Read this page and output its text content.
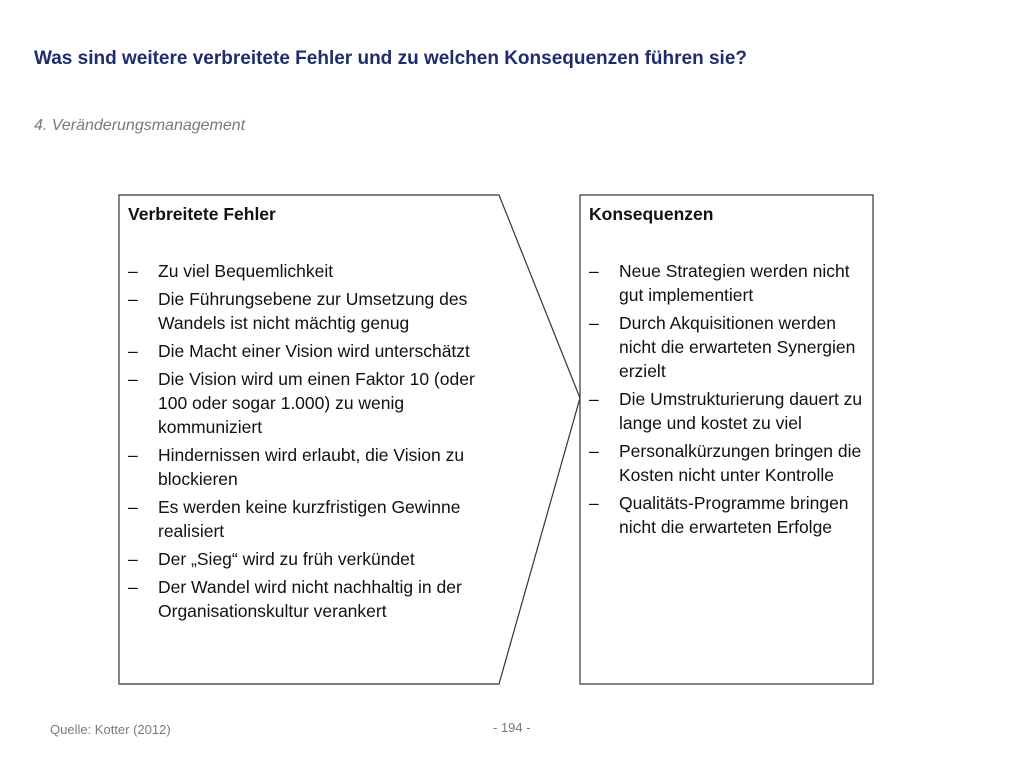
Was sind weitere verbreitete Fehler und zu welchen Konsequenzen führen sie?
4. Veränderungsmanagement
Verbreitete Fehler
– Zu viel Bequemlichkeit
– Die Führungsebene zur Umsetzung des Wandels ist nicht mächtig genug
– Die Macht einer Vision wird unterschätzt
– Die Vision wird um einen Faktor 10 (oder 100 oder sogar 1.000) zu wenig kommuniziert
– Hindernissen wird erlaubt, die Vision zu blockieren
– Es werden keine kurzfristigen Gewinne realisiert
– Der „Sieg“ wird zu früh verkündet
– Der Wandel wird nicht nachhaltig in der Organisationskultur verankert
Konsequenzen
– Neue Strategien werden nicht gut implementiert
– Durch Akquisitionen werden nicht die erwarteten Synergien erzielt
– Die Umstrukturierung dauert zu lange und kostet zu viel
– Personalkürzungen bringen die Kosten nicht unter Kontrolle
– Qualitäts-Programme bringen nicht die erwarteten Erfolge
Quelle: Kotter (2012)	- 194 -
